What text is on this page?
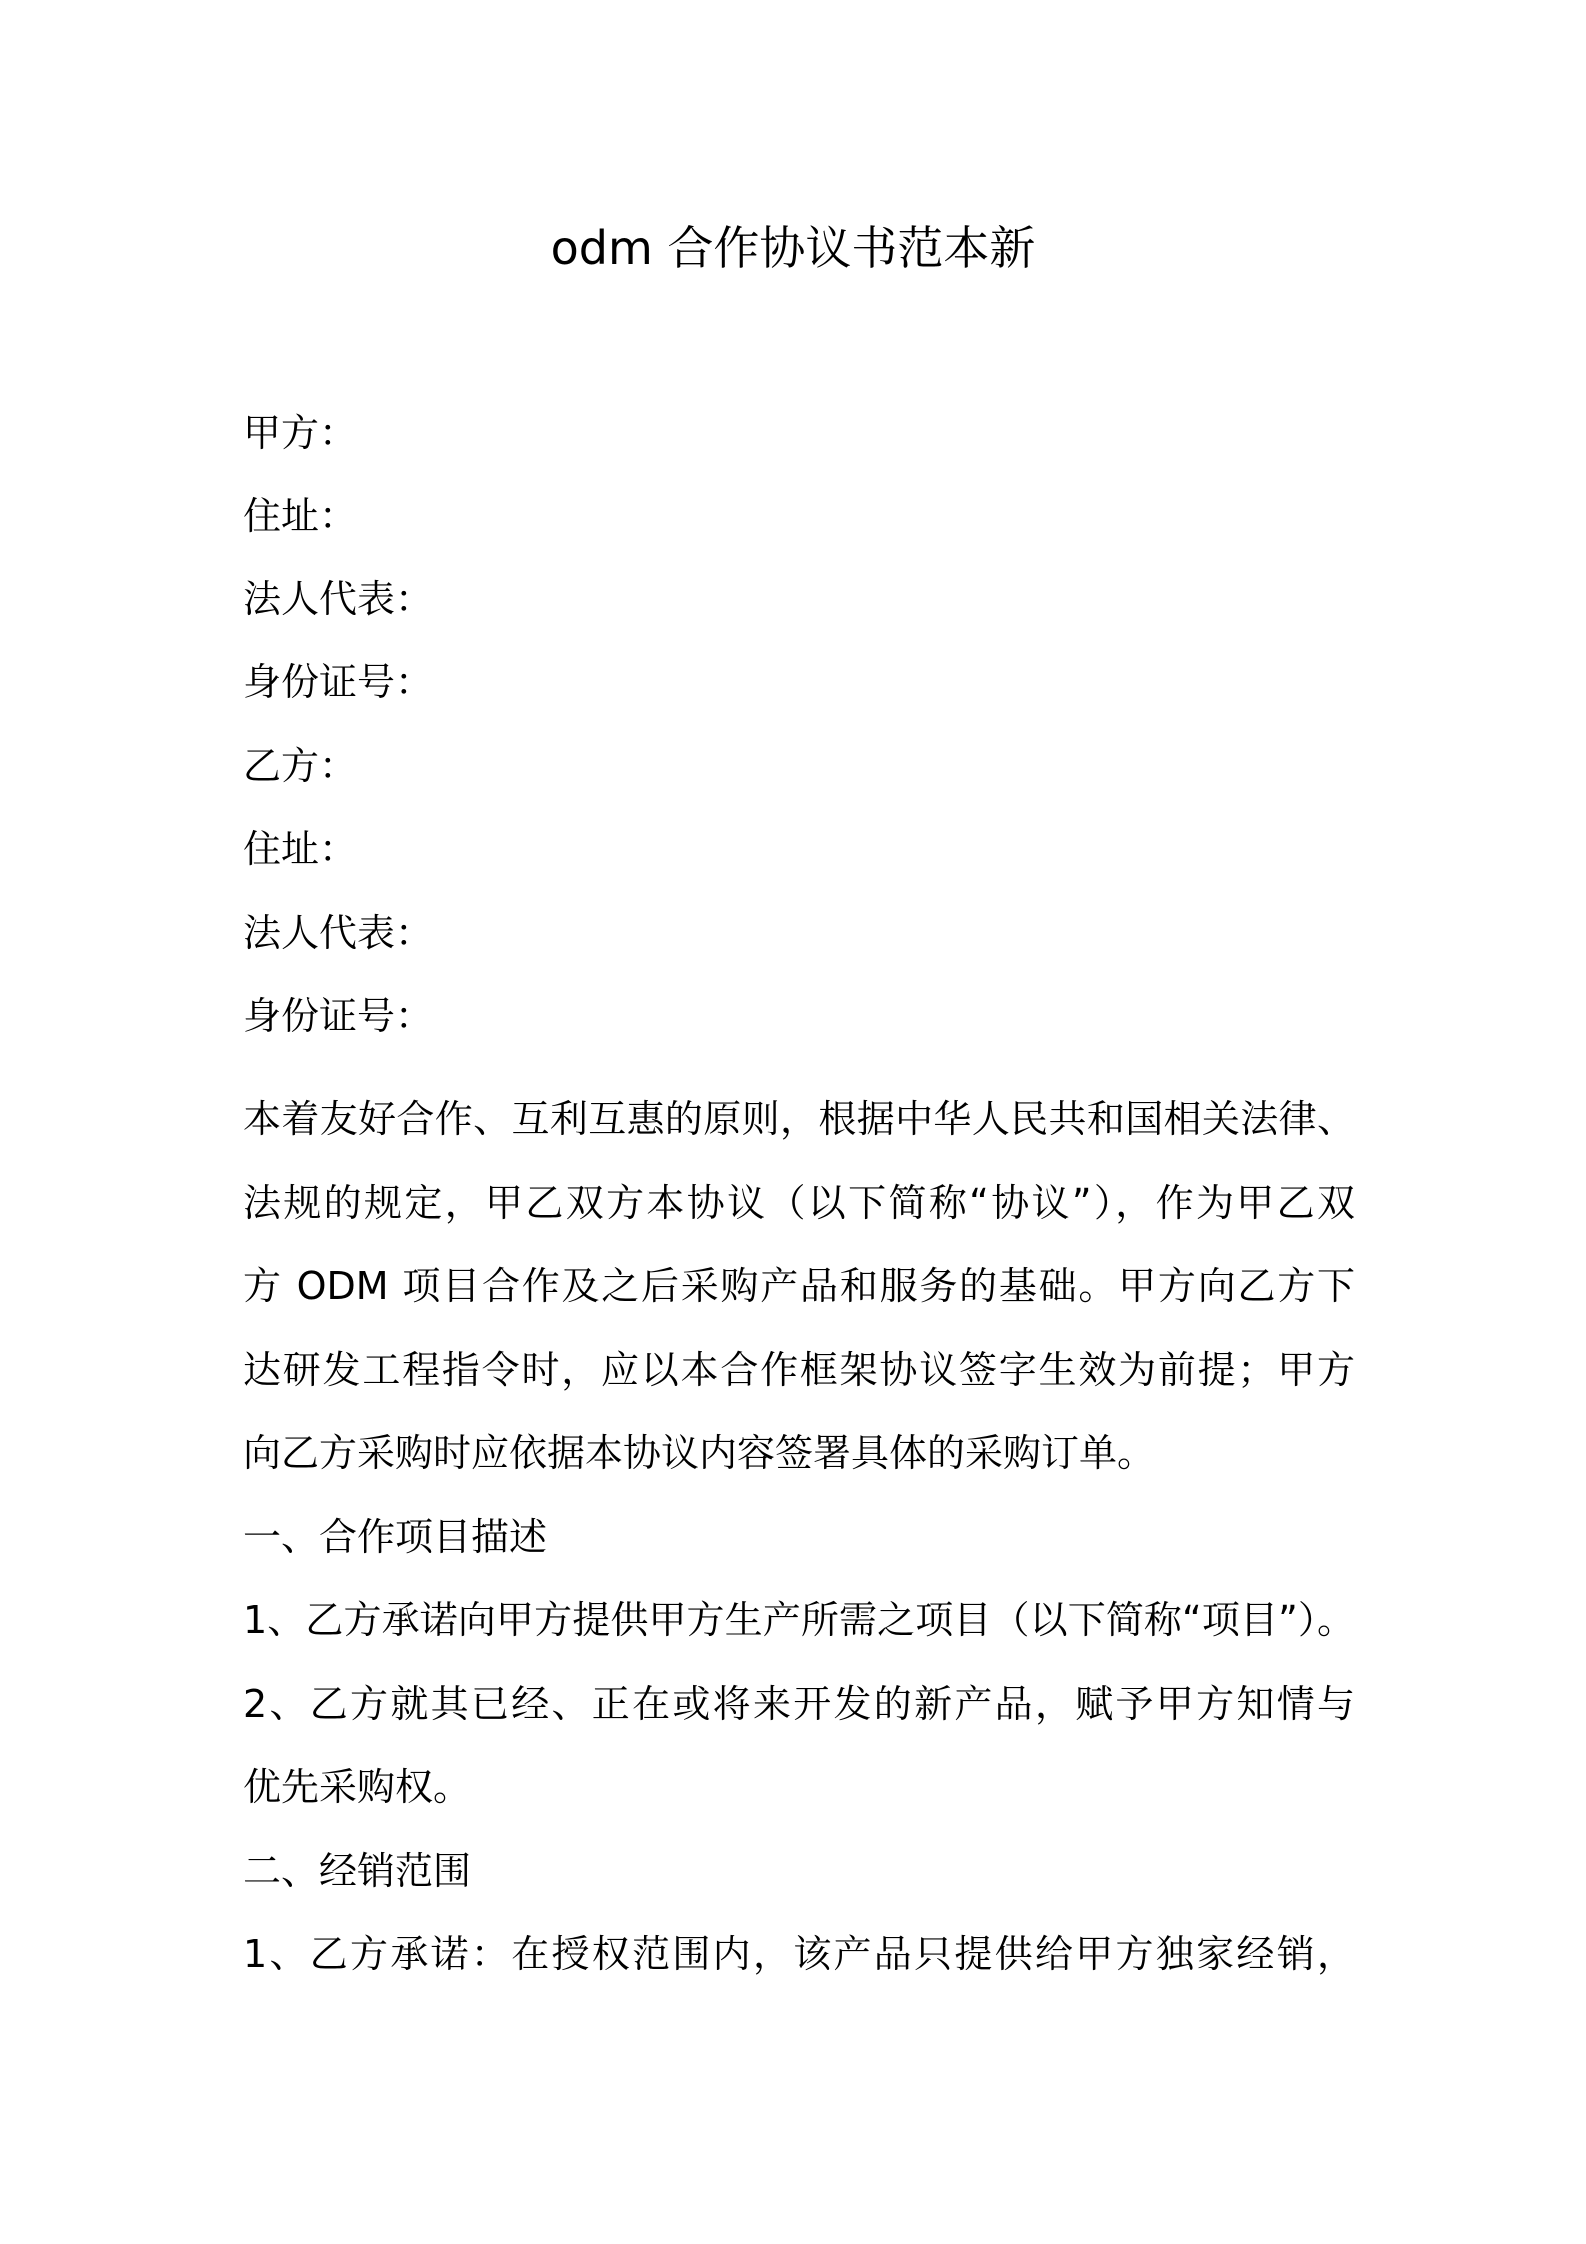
odm 合作协议书范本新
甲方：
住址：
法人代表：
身份证号：
乙方：
住址：
法人代表：
身份证号：
本着友好合作、互利互惠的原则，根据中华人民共和国相关法律、
法规的规定，甲乙双方本协议（以下简称“协议”），作为甲乙双
方 ODM 项目合作及之后采购产品和服务的基础。甲方向乙方下
达研发工程指令时，应以本合作框架协议签字生效为前提；甲方
向乙方采购时应依据本协议内容签署具体的采购订单。
一、合作项目描述
1、乙方承诺向甲方提供甲方生产所需之项目（以下简称“项目”）。
2、乙方就其已经、正在或将来开发的新产品，赋予甲方知情与
优先采购权。
二、经销范围
1、乙方承诺：在授权范围内，该产品只提供给甲方独家经销，
